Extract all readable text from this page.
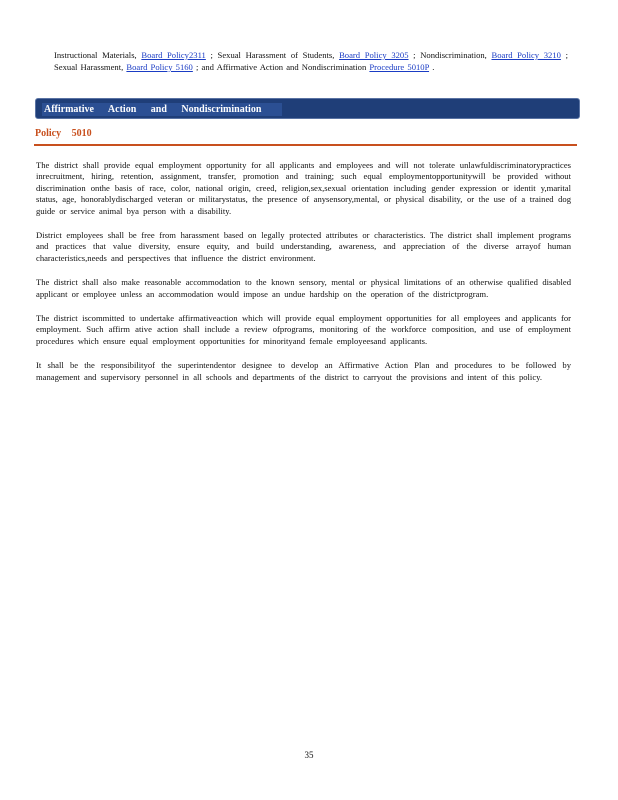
Instructional Materials, Board Policy2311 ; Sexual Harassment of Students, Board Policy 3205 ; Nondiscrimination, Board Policy 3210 ; Sexual Harassment, Board Policy 5160 ; and Affirmative Action and Nondiscrimination Procedure 5010P .
Affirmative Action and Nondiscrimination
Policy 5010

The district shall provide equal employment opportunity for all applicants and employees and will not tolerate unlawfuldiscriminatorypractices inrecruitment, hiring, retention, assignment, transfer, promotion and training; such equal employmentopportunitywill be provided without discrimination onthe basis of race, color, national origin, creed, religion,sex,sexual orientation including gender expression or identit y,marital status, age, honorablydischarged veteran or militarystatus, the presence of anysensory,mental, or physical disability, or the use of a trained dog guide or service animal bya person with a disability.

District employees shall be free from harassment based on legally protected attributes or characteristics. The district shall implement programs and practices that value diversity, ensure equity, and build understanding, awareness, and appreciation of the diverse arrayof human characteristics,needs and perspectives that influence the district environment.

The district shall also make reasonable accommodation to the known sensory, mental or physical limitations of an otherwise qualified disabled applicant or employee unless an accommodation would impose an undue hardship on the operation of the districtprogram.

The district iscommitted to undertake affirmativeaction which will provide equal employment opportunities for all employees and applicants for employment. Such affirm ative action shall include a review ofprograms, monitoring of the workforce composition, and use of employment procedures which ensure equal employment opportunities for minorityand female employeesand applicants.

It shall be the responsibilityof the superintendentor designee to develop an Affirmative Action Plan and procedures to be followed by management and supervisory personnel in all schools and departments of the district to carryout the provisions and intent of this policy.

35
